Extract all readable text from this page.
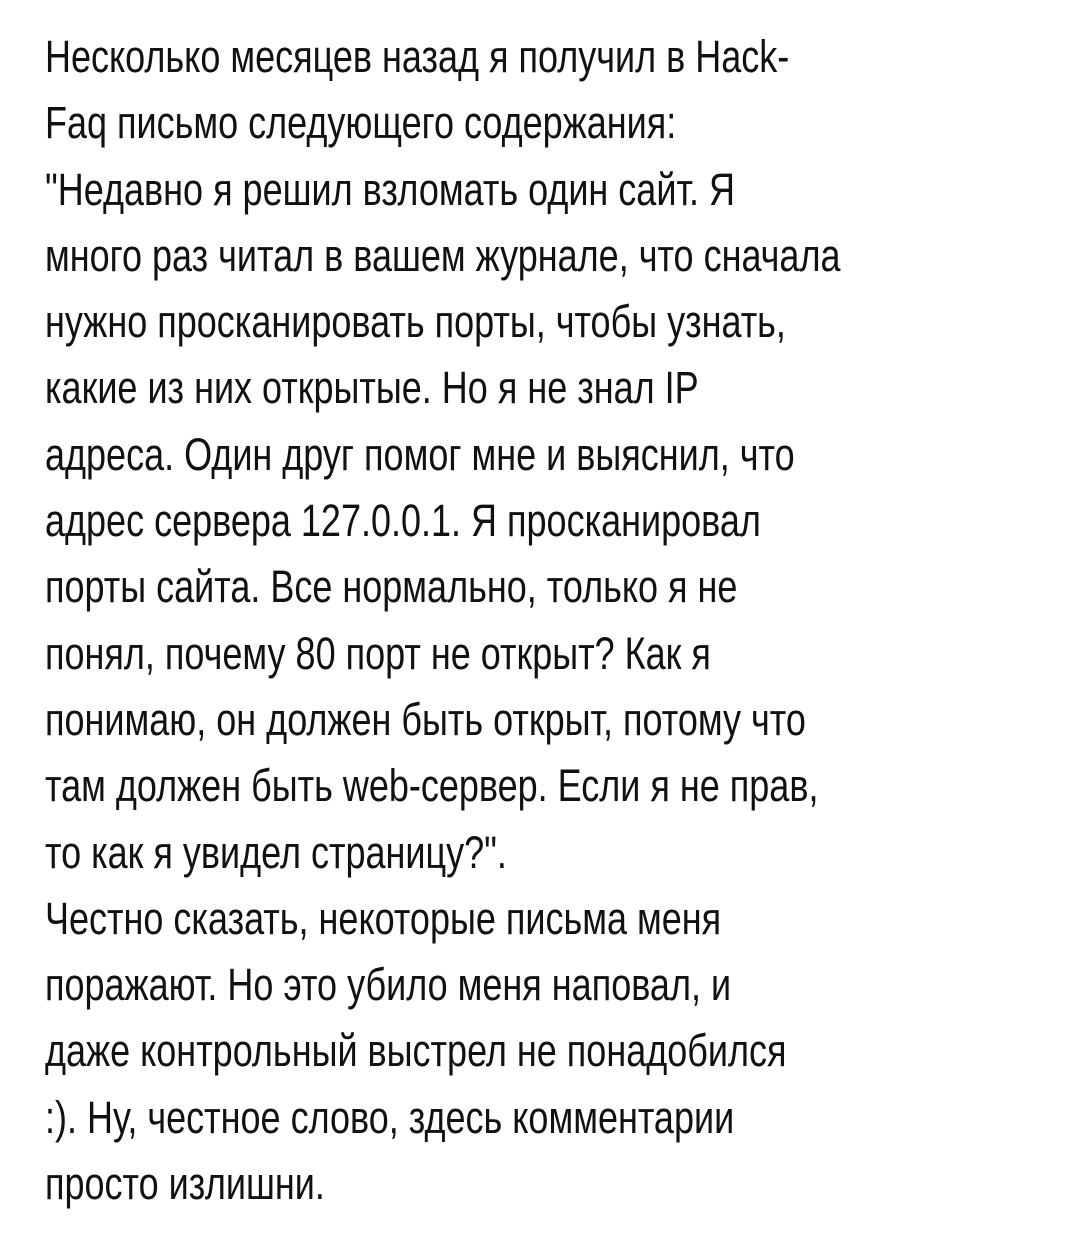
Несколько месяцев назад я получил в Hack-
Faq письмо следующего содержания:
"Недавно я решил взломать один сайт. Я
много раз читал в вашем журнале, что сначала
нужно просканировать порты, чтобы узнать,
какие из них открытые. Но я не знал IP
адреса. Один друг помог мне и выяснил, что
адрес сервера 127.0.0.1. Я просканировал
порты сайта. Все нормально, только я не
понял, почему 80 порт не открыт? Как я
понимаю, он должен быть открыт, потому что
там должен быть web-сервер. Если я не прав,
то как я увидел страницу?".
Честно сказать, некоторые письма меня
поражают. Но это убило меня наповал, и
даже контрольный выстрел не понадобился
:). Ну, честное слово, здесь комментарии
просто излишни.
